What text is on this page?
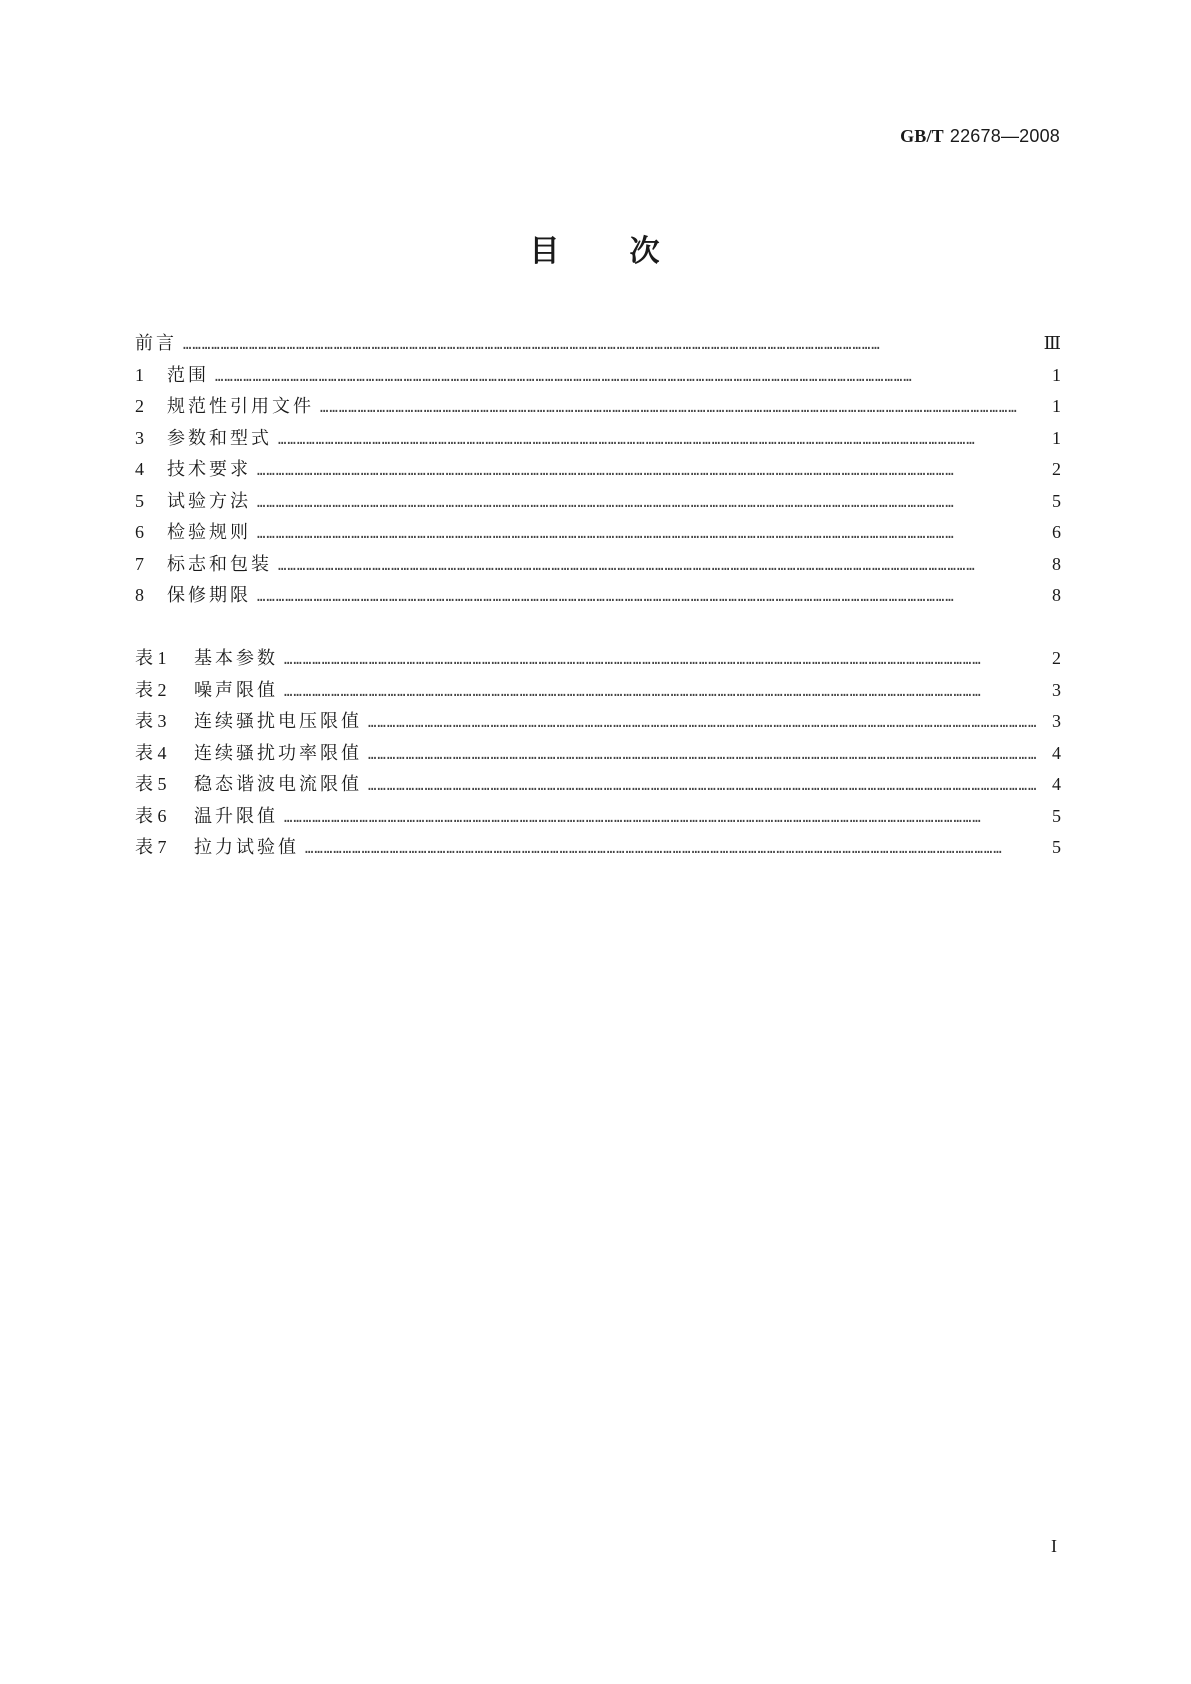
GB/T 22678—2008
目 次
前言 ……………………………………………………………………………………………………………………………………………………………………………………………………	Ⅲ
1	范围 ……………………………………………………………………………………………………………………………………………………………………………………………………	1
2	规范性引用文件 ……………………………………………………………………………………………………………………………………………………………………………………………………	1
3	参数和型式 ……………………………………………………………………………………………………………………………………………………………………………………………………	1
4	技术要求 ……………………………………………………………………………………………………………………………………………………………………………………………………	2
5	试验方法 ……………………………………………………………………………………………………………………………………………………………………………………………………	5
6	检验规则 ……………………………………………………………………………………………………………………………………………………………………………………………………	6
7	标志和包装 ……………………………………………………………………………………………………………………………………………………………………………………………………	8
8	保修期限 ……………………………………………………………………………………………………………………………………………………………………………………………………	8
表 1	基本参数 ……………………………………………………………………………………………………………………………………………………………………………………………………	2
表 2	噪声限值 ……………………………………………………………………………………………………………………………………………………………………………………………………	3
表 3	连续骚扰电压限值 ……………………………………………………………………………………………………………………………………………………………………………………………………	3
表 4	连续骚扰功率限值 ……………………………………………………………………………………………………………………………………………………………………………………………………	4
表 5	稳态谐波电流限值 ……………………………………………………………………………………………………………………………………………………………………………………………………	4
表 6	温升限值 ……………………………………………………………………………………………………………………………………………………………………………………………………	5
表 7	拉力试验值 ……………………………………………………………………………………………………………………………………………………………………………………………………	5
I
